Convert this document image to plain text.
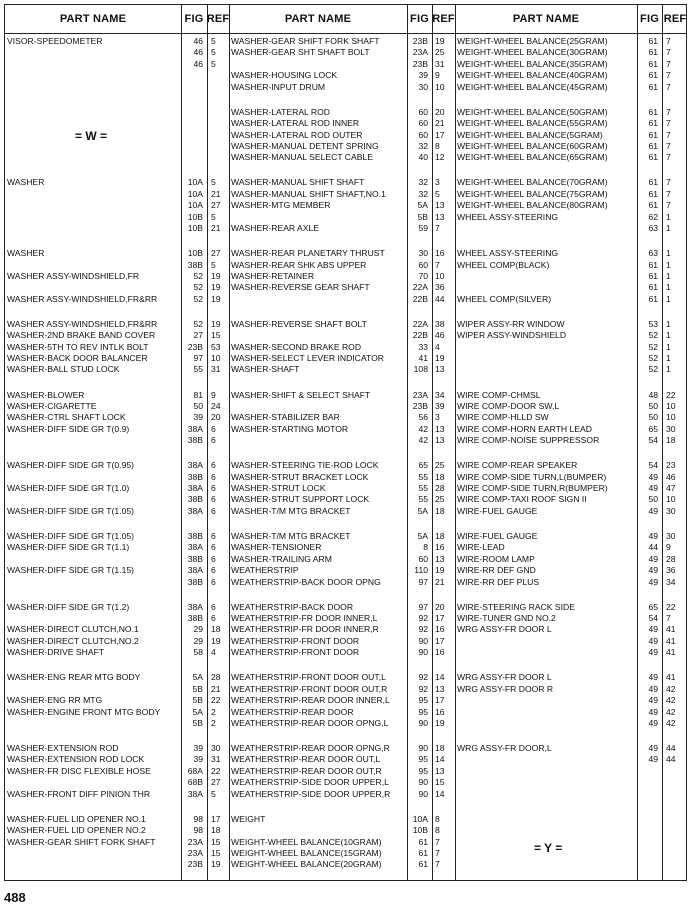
PART NAME	FIG REF	PART NAME	FIG REF	PART NAME	FIG REF
VISOR-SPEEDOMETER	46 5
46 5
46 5
WASHER	10A 5
10A 21
10A 27
10B 5
10B 21
WASHER	10B 27
38B 5
WASHER ASSY-WINDSHIELD,FR	52 19
52 19
WASHER ASSY-WINDSHIELD,FR&RR	52 19
WASHER ASSY-WINDSHIELD,FR&RR	52 19
WASHER-2ND BRAKE BAND COVER	27 15
WASHER-5TH TO REV INTLK BOLT	23B 53
WASHER-BACK DOOR BALANCER	97 10
WASHER-BALL STUD LOCK	55 31
WASHER-BLOWER	81 9
WASHER-CIGARETTE	50 24
WASHER-CTRL SHAFT LOCK	39 20
WASHER-DIFF SIDE GR T(0.9)	38A 6
38B 6
WASHER-DIFF SIDE GR T(0.95)	38A 6
38B 6
WASHER-DIFF SIDE GR T(1.0)	38A 6
38B 6
WASHER-DIFF SIDE GR T(1.05)	38A 6
WASHER-DIFF SIDE GR T(1.05)	38B 6
WASHER-DIFF SIDE GR T(1.1)	38A 6
38B 6
WASHER-DIFF SIDE GR T(1.15)	38A 6
38B 6
WASHER-DIFF SIDE GR T(1.2)	38A 6
38B 6
WASHER-DIRECT CLUTCH,NO.1	29 18
WASHER-DIRECT CLUTCH,NO.2	29 19
WASHER-DRIVE SHAFT	58 4
WASHER-ENG REAR MTG BODY	5A 28
5B 21
WASHER-ENG RR MTG	5B 22
WASHER-ENGINE FRONT MTG BODY	5A 2
5B 2
WASHER-EXTENSION ROD	39 30
WASHER-EXTENSION ROD LOCK	39 31
WASHER-FR DISC FLEXIBLE HOSE	68A 22
68B 27
WASHER-FRONT DIFF PINION THR	38A 5
WASHER-FUEL LID OPENER NO.1	98 17
WASHER-FUEL LID OPENER NO.2	98 18
WASHER-GEAR SHIFT FORK SHAFT	23A 15
23A 15
23B 19
WASHER-GEAR SHIFT FORK SHAFT	23B 19
WASHER-GEAR SHT SHAFT BOLT	23A 25
23B 31
WASHER-HOUSING LOCK	39 9
WASHER-INPUT DRUM	30 10
WASHER-LATERAL ROD	60 20
WASHER-LATERAL ROD INNER	60 21
WASHER-LATERAL ROD OUTER	60 17
WASHER-MANUAL DETENT SPRING	32 8
WASHER-MANUAL SELECT CABLE	40 12
WASHER-MANUAL SHIFT SHAFT	32 3
WASHER-MANUAL SHIFT SHAFT,NO.1	32 5
WASHER-MTG MEMBER	5A 13
5B 13
WASHER-REAR AXLE	59 7
WASHER-REAR PLANETARY THRUST	30 16
WASHER-REAR SHK ABS UPPER	60 7
WASHER-RETAINER	70 10
WASHER-REVERSE GEAR SHAFT	22A 36
22B 44
WASHER-REVERSE SHAFT BOLT	22A 38
22B 46
WASHER-SECOND BRAKE ROD	33 4
WASHER-SELECT LEVER INDICATOR	41 19
WASHER-SHAFT	108 13
WASHER-SHIFT & SELECT SHAFT	23A 34
23B 39
WASHER-STABILIZER BAR	56 3
WASHER-STARTING MOTOR	42 13
42 13
WASHER-STEERING TIE-ROD LOCK	65 25
WASHER-STRUT BRACKET LOCK	55 18
WASHER-STRUT LOCK	55 28
WASHER-STRUT SUPPORT LOCK	55 25
WASHER-T/M MTG BRACKET	5A 18
WASHER-T/M MTG BRACKET	5A 18
WASHER-TENSIONER	8 16
WASHER-TRAILING ARM	60 13
WEATHERSTRIP	110 19
WEATHERSTRIP-BACK DOOR OPNG	97 21
WEATHERSTRIP-BACK DOOR	97 20
WEATHERSTRIP-FR DOOR INNER,L	92 17
WEATHERSTRIP-FR DOOR INNER,R	92 16
WEATHERSTRIP-FRONT DOOR	90 17
WEATHERSTRIP-FRONT DOOR	90 16
WEATHERSTRIP-FRONT DOOR OUT,L	92 14
WEATHERSTRIP-FRONT DOOR OUT,R	92 13
WEATHERSTRIP-REAR DOOR INNER,L	95 17
WEATHERSTRIP-REAR DOOR	95 16
WEATHERSTRIP-REAR DOOR OPNG,L	90 19
WEATHERSTRIP-REAR DOOR OPNG,R	90 18
WEATHERSTRIP-REAR DOOR OUT,L	95 14
WEATHERSTRIP-REAR DOOR OUT,R	95 13
WEATHERSTRIP-SIDE DOOR UPPER,L	90 15
WEATHERSTRIP-SIDE DOOR UPPER,R	90 14
WEIGHT	10A 8
10B 8
WEIGHT-WHEEL BALANCE(10GRAM)	61 7
WEIGHT-WHEEL BALANCE(15GRAM)	61 7
WEIGHT-WHEEL BALANCE(20GRAM)	61 7
WEIGHT-WHEEL BALANCE(25GRAM)	61 7
WEIGHT-WHEEL BALANCE(30GRAM)	61 7
WEIGHT-WHEEL BALANCE(35GRAM)	61 7
WEIGHT-WHEEL BALANCE(40GRAM)	61 7
WEIGHT-WHEEL BALANCE(45GRAM)	61 7
WEIGHT-WHEEL BALANCE(50GRAM)	61 7
WEIGHT-WHEEL BALANCE(55GRAM)	61 7
WEIGHT-WHEEL BALANCE(5GRAM)	61 7
WEIGHT-WHEEL BALANCE(60GRAM)	61 7
WEIGHT-WHEEL BALANCE(65GRAM)	61 7
WEIGHT-WHEEL BALANCE(70GRAM)	61 7
WEIGHT-WHEEL BALANCE(75GRAM)	61 7
WEIGHT-WHEEL BALANCE(80GRAM)	61 7
WHEEL ASSY-STEERING	62 1
63 1
WHEEL ASSY-STEERING	63 1
WHEEL COMP(BLACK)	61 1
61 1
61 1
WHEEL COMP(SILVER)	61 1
WIPER ASSY-RR WINDOW	53 1
WIPER ASSY-WINDSHIELD	52 1
52 1
52 1
52 1
WIRE COMP-CHMSL	48 22
WIRE COMP-DOOR SW,L	50 10
WIRE COMP-HLLD SW	50 10
WIRE COMP-HORN EARTH LEAD	65 30
WIRE COMP-NOISE SUPPRESSOR	54 18
WIRE COMP-REAR SPEAKER	54 23
WIRE COMP-SIDE TURN,L(BUMPER)	49 46
WIRE COMP-SIDE TURN,R(BUMPER)	49 47
WIRE COMP-TAXI ROOF SIGN II	50 10
WIRE-FUEL GAUGE	49 30
WIRE-FUEL GAUGE	49 30
WIRE-LEAD	44 9
WIRE-ROOM LAMP	49 28
WIRE-RR DEF GND	49 36
WIRE-RR DEF PLUS	49 34
WIRE-STEERING RACK SIDE	65 22
WIRE-TUNER GND NO.2	54 7
WRG ASSY-FR DOOR L	49 41
49 41
49 41
WRG ASSY-FR DOOR L	49 41
WRG ASSY-FR DOOR R	49 42
49 42
49 42
49 42
WRG ASSY-FR DOOR,L	49 44
49 44
= W =
= Y =
488
